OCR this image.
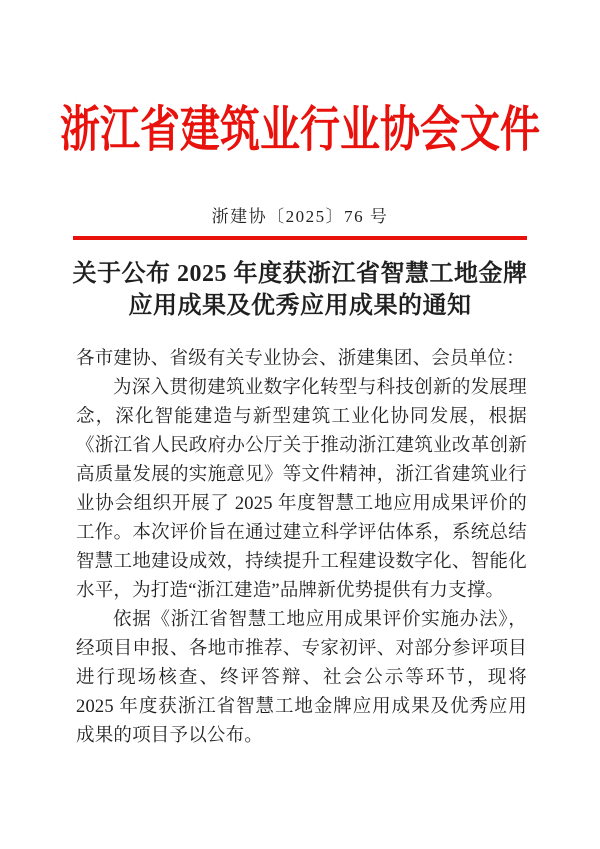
浙江省建筑业行业协会文件
浙建协〔2025〕76 号
关于公布 2025 年度获浙江省智慧工地金牌
应用成果及优秀应用成果的通知

各市建协、省级有关专业协会、浙建集团、会员单位：

为深入贯彻建筑业数字化转型与科技创新的发展理念，深化智能建造与新型建筑工业化协同发展，根据《浙江省人民政府办公厅关于推动浙江建筑业改革创新高质量发展的实施意见》等文件精神，浙江省建筑业行业协会组织开展了 2025 年度智慧工地应用成果评价的工作。本次评价旨在通过建立科学评估体系，系统总结智慧工地建设成效，持续提升工程建设数字化、智能化水平，为打造“浙江建造”品牌新优势提供有力支撑。

依据《浙江省智慧工地应用成果评价实施办法》，经项目申报、各地市推荐、专家初评、对部分参评项目进行现场核查、终评答辩、社会公示等环节，现将 2025 年度获浙江省智慧工地金牌应用成果及优秀应用成果的项目予以公布。
